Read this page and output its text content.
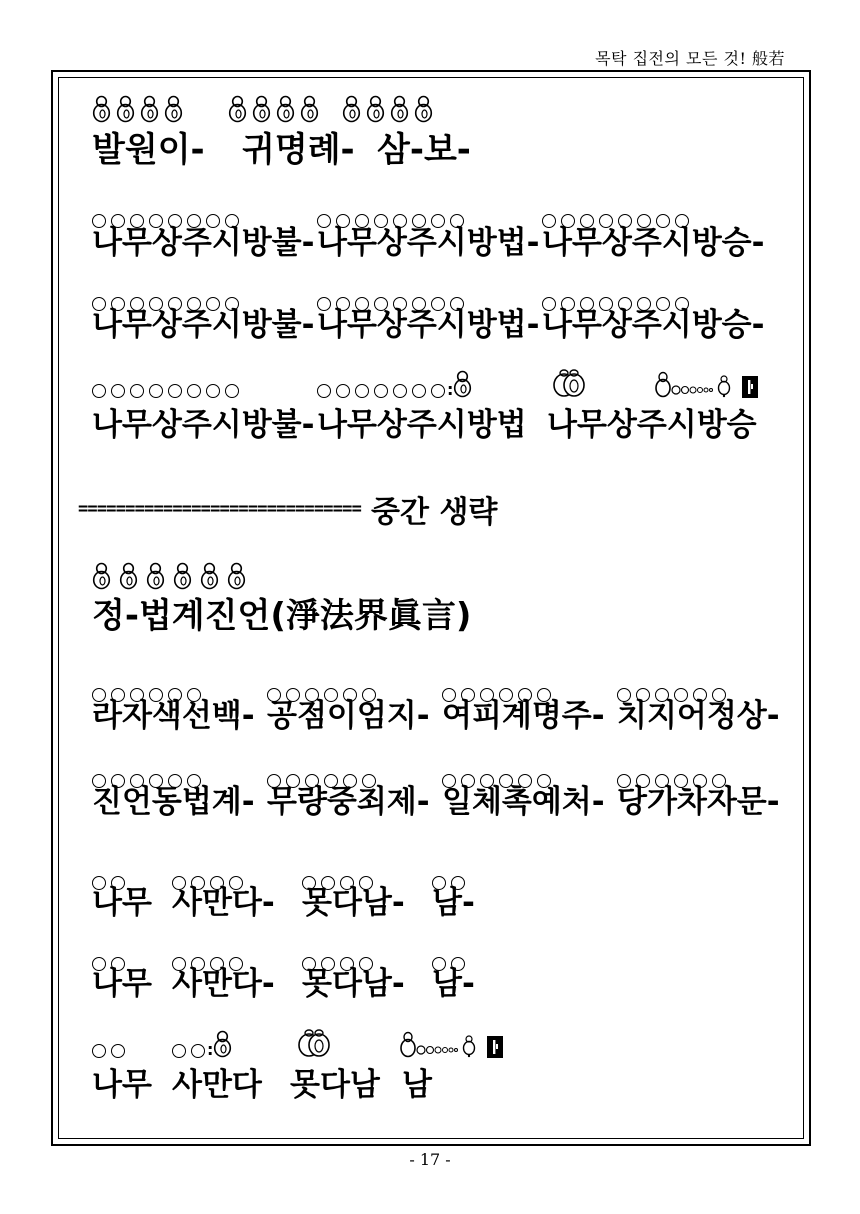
목탁 집전의 모든 것! 般若
발원이-	귀명례- 삼-보-
나무상주시방불- 나무상주시방법- 나무상주시방승-
나무상주시방불- 나무상주시방법- 나무상주시방승-
:
나무상주시방불- 나무상주시방법 나무상주시방승
============================== 중간 생략
정-법계진언(淨法界眞言)
라자색선백- 공점이엄지- 여피계명주- 치지어정상-
진언동법계- 무량중죄제- 일체촉예처- 당가차자문-
나무 사만다- 못다남- 남-
나무 사만다- 못다남- 남-
:
나무 사만다 못다남 남
- 17 -
